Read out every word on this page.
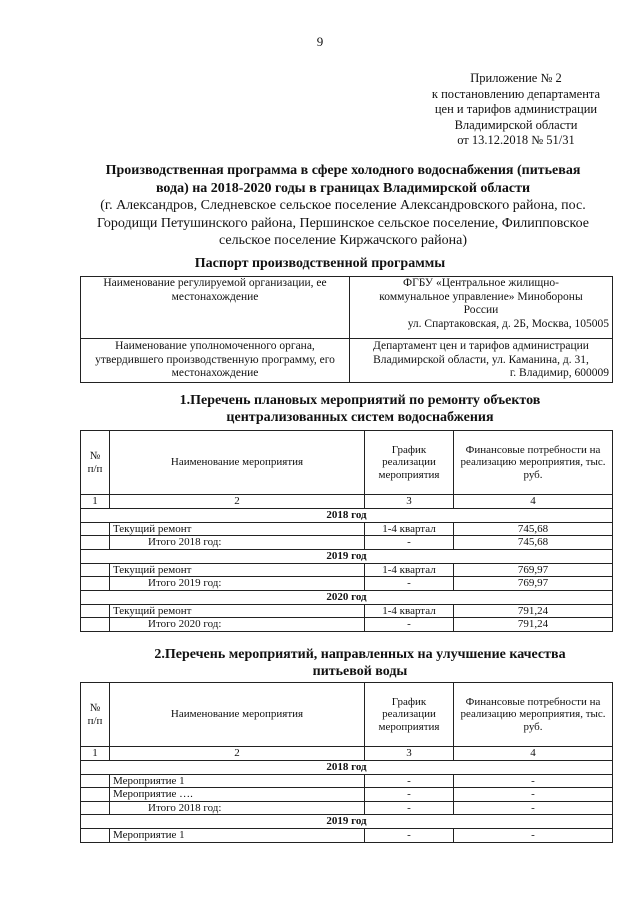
9
Приложение № 2
к постановлению департамента
цен и тарифов администрации
Владимирской области
от 13.12.2018 № 51/31
Производственная программа в сфере холодного водоснабжения (питьевая
вода) на 2018-2020 годы в границах Владимирской области
(г. Александров, Следневское сельское поселение Александровского района, пос. Городищи Петушинского района, Першинское сельское поселение, Филипповское сельское поселение Киржачского района)
Паспорт производственной программы
Наименование регулируемой организации, ее местонахождение	ФГБУ «Центральное жилищно-
коммунальное управление» Минобороны
России
ул. Спартаковская, д. 2Б, Москва, 105005

Наименование уполномоченного органа, утвердившего производственную программу, его местонахождение	Департамент цен и тарифов администрации
Владимирской области, ул. Каманина, д. 31,
г. Владимир, 600009
1.Перечень плановых мероприятий по ремонту объектов централизованных систем водоснабжения
№ п/п	Наименование мероприятия	График реализации мероприятия	Финансовые потребности на реализацию мероприятия, тыс. руб.
1	2	3	4
2018 год			
	Текущий ремонт	1-4 квартал	745,68
	Итого 2018 год:	-	745,68
2019 год			
	Текущий ремонт	1-4 квартал	769,97
	Итого 2019 год:	-	769,97
2020 год			
	Текущий ремонт	1-4 квартал	791,24
	Итого 2020 год:	-	791,24
2.Перечень мероприятий, направленных на улучшение качества питьевой воды
№ п/п	Наименование мероприятия	График реализации мероприятия	Финансовые потребности на реализацию мероприятия, тыс. руб.
1	2	3	4
2018 год			
	Мероприятие 1	-	-
	Мероприятие ….	-	-
	Итого 2018 год:	-	-
2019 год			
	Мероприятие 1	-	-
